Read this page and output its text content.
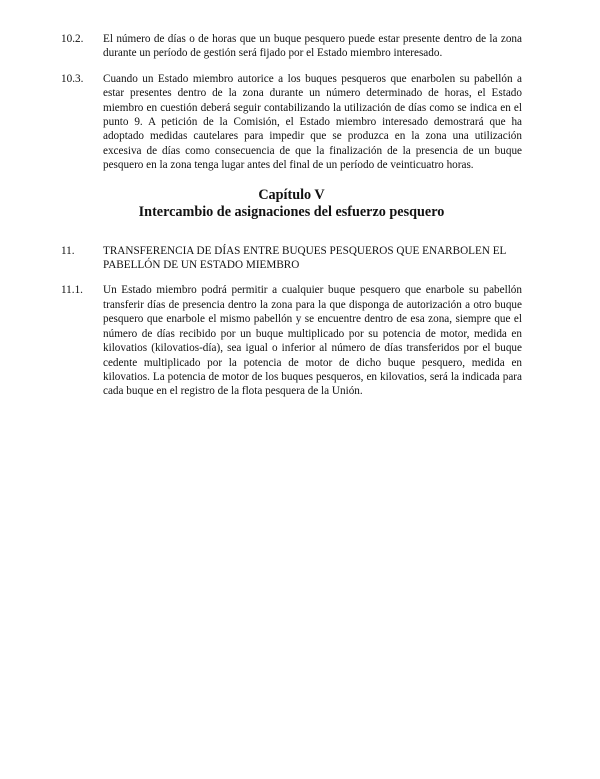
10.2.	El número de días o de horas que un buque pesquero puede estar presente dentro de la zona durante un período de gestión será fijado por el Estado miembro interesado.
10.3.	Cuando un Estado miembro autorice a los buques pesqueros que enarbolen su pabellón a estar presentes dentro de la zona durante un número determinado de horas, el Estado miembro en cuestión deberá seguir contabilizando la utilización de días como se indica en el punto 9. A petición de la Comisión, el Estado miembro interesado demostrará que ha adoptado medidas cautelares para impedir que se produzca en la zona una utilización excesiva de días como consecuencia de que la finalización de la presencia de un buque pesquero en la zona tenga lugar antes del final de un período de veinticuatro horas.
Capítulo V
Intercambio de asignaciones del esfuerzo pesquero
11.	TRANSFERENCIA DE DÍAS ENTRE BUQUES PESQUEROS QUE ENARBOLEN EL PABELLÓN DE UN ESTADO MIEMBRO
11.1.	Un Estado miembro podrá permitir a cualquier buque pesquero que enarbole su pabellón transferir días de presencia dentro la zona para la que disponga de autorización a otro buque pesquero que enarbole el mismo pabellón y se encuentre dentro de esa zona, siempre que el número de días recibido por un buque multiplicado por su potencia de motor, medida en kilovatios (kilovatios-día), sea igual o inferior al número de días transferidos por el buque cedente multiplicado por la potencia de motor de dicho buque pesquero, medida en kilovatios. La potencia de motor de los buques pesqueros, en kilovatios, será la indicada para cada buque en el registro de la flota pesquera de la Unión.
